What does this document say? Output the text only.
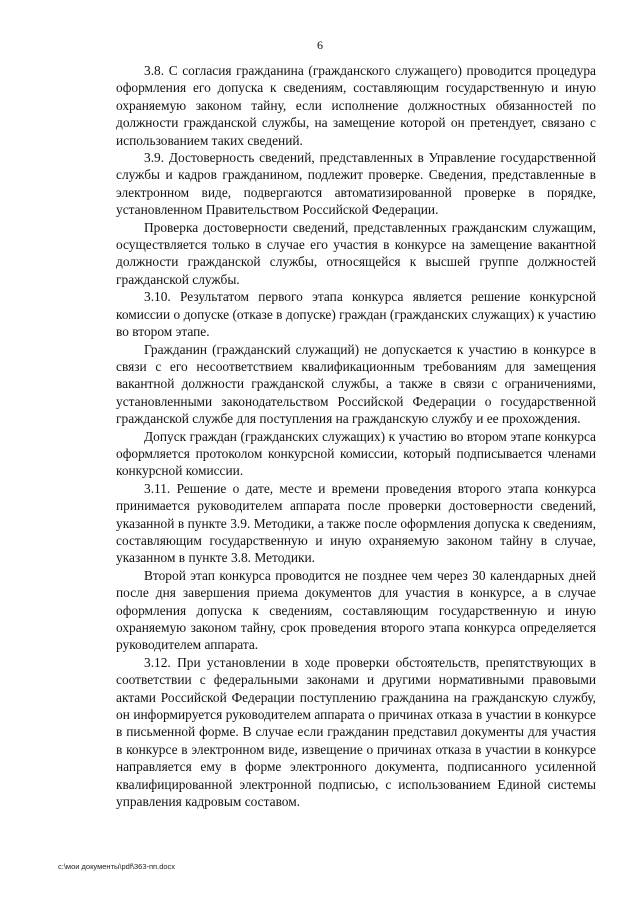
6

3.8. С согласия гражданина (гражданского служащего) проводится процедура оформления его допуска к сведениям, составляющим государственную и иную охраняемую законом тайну, если исполнение должностных обязанностей по должности гражданской службы, на замещение которой он претендует, связано с использованием таких сведений.

3.9. Достоверность сведений, представленных в Управление государственной службы и кадров гражданином, подлежит проверке. Сведения, представленные в электронном виде, подвергаются автоматизированной проверке в порядке, установленном Правительством Российской Федерации.

Проверка достоверности сведений, представленных гражданским служащим, осуществляется только в случае его участия в конкурсе на замещение вакантной должности гражданской службы, относящейся к высшей группе должностей гражданской службы.

3.10. Результатом первого этапа конкурса является решение конкурсной комиссии о допуске (отказе в допуске) граждан (гражданских служащих) к участию во втором этапе.

Гражданин (гражданский служащий) не допускается к участию в конкурсе в связи с его несоответствием квалификационным требованиям для замещения вакантной должности гражданской службы, а также в связи с ограничениями, установленными законодательством Российской Федерации о государственной гражданской службе для поступления на гражданскую службу и ее прохождения.

Допуск граждан (гражданских служащих) к участию во втором этапе конкурса оформляется протоколом конкурсной комиссии, который подписывается членами конкурсной комиссии.

3.11. Решение о дате, месте и времени проведения второго этапа конкурса принимается руководителем аппарата после проверки достоверности сведений, указанной в пункте 3.9. Методики, а также после оформления допуска к сведениям, составляющим государственную и иную охраняемую законом тайну в случае, указанном в пункте 3.8. Методики.

Второй этап конкурса проводится не позднее чем через 30 календарных дней после дня завершения приема документов для участия в конкурсе, а в случае оформления допуска к сведениям, составляющим государственную и иную охраняемую законом тайну, срок проведения второго этапа конкурса определяется руководителем аппарата.

3.12. При установлении в ходе проверки обстоятельств, препятствующих в соответствии с федеральными законами и другими нормативными правовыми актами Российской Федерации поступлению гражданина на гражданскую службу, он информируется руководителем аппарата о причинах отказа в участии в конкурсе в письменной форме. В случае если гражданин представил документы для участия в конкурсе в электронном виде, извещение о причинах отказа в участии в конкурсе направляется ему в форме электронного документа, подписанного усиленной квалифицированной электронной подписью, с использованием Единой системы управления кадровым составом.

c:\мои документы\pdf\363-пп.docx
